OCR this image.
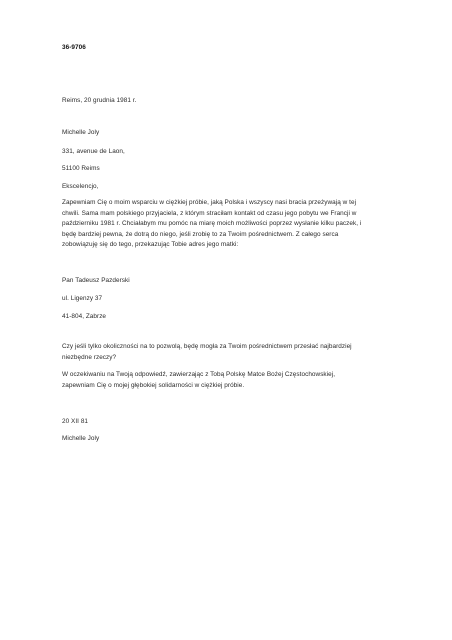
36-9706

Reims, 20 grudnia 1981 r.

Michelle Joly

331, avenue de Laon,

51100 Reims

Ekscelencjo,

Zapewniam Cię o moim wsparciu w ciężkiej próbie, jaką Polska i wszyscy nasi bracia przeżywają w tej
chwili. Sama mam polskiego przyjaciela, z którym straciłam kontakt od czasu jego pobytu we Francji w
październiku 1981 r. Chciałabym mu pomóc na miarę moich możliwości poprzez wysłanie kilku paczek, i
będę bardziej pewna, że dotrą do niego, jeśli zrobię to za Twoim pośrednictwem. Z całego serca
zobowiązuję się do tego, przekazując Tobie adres jego matki:

Pan Tadeusz Pazderski

ul. Ligenzy 37

41-804, Zabrze

Czy jeśli tylko okoliczności na to pozwolą, będę mogła za Twoim pośrednictwem przesłać najbardziej
niezbędne rzeczy?
W oczekiwaniu na Twoją odpowiedź, zawierzając z Tobą Polskę Matce Bożej Częstochowskiej,
zapewniam Cię o mojej głębokiej solidarności w ciężkiej próbie.

20 XII 81

Michelle Joly
